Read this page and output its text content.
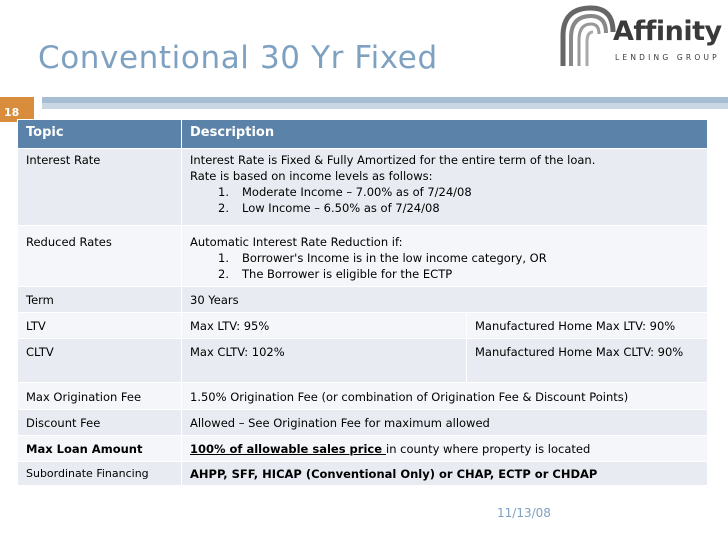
Conventional 30 Yr Fixed
Affinity
LENDING GROUP
18
Topic	Description	
Interest Rate	Interest Rate is Fixed & Fully Amortized for the entire term of the loan.
Rate is based on income levels as follows:
1. Moderate Income – 7.00% as of 7/24/08
2. Low Income – 6.50% as of 7/24/08	

Reduced Rates	Automatic Interest Rate Reduction if:
1. Borrower's Income is in the low income category, OR
2. The Borrower is eligible for the ECTP	

Term	30 Years	
LTV	Max LTV: 95%	Manufactured Home Max LTV: 90%
CLTV	Max CLTV: 102%	Manufactured Home Max CLTV: 90%
Max Origination Fee	1.50% Origination Fee (or combination of Origination Fee & Discount Points)	
Discount Fee	Allowed – See Origination Fee for maximum allowed	
Max Loan Amount	100% of allowable sales price in county where property is located	
Subordinate Financing	AHPP, SFF, HICAP (Conventional Only) or CHAP, ECTP or CHDAP	
11/13/08
